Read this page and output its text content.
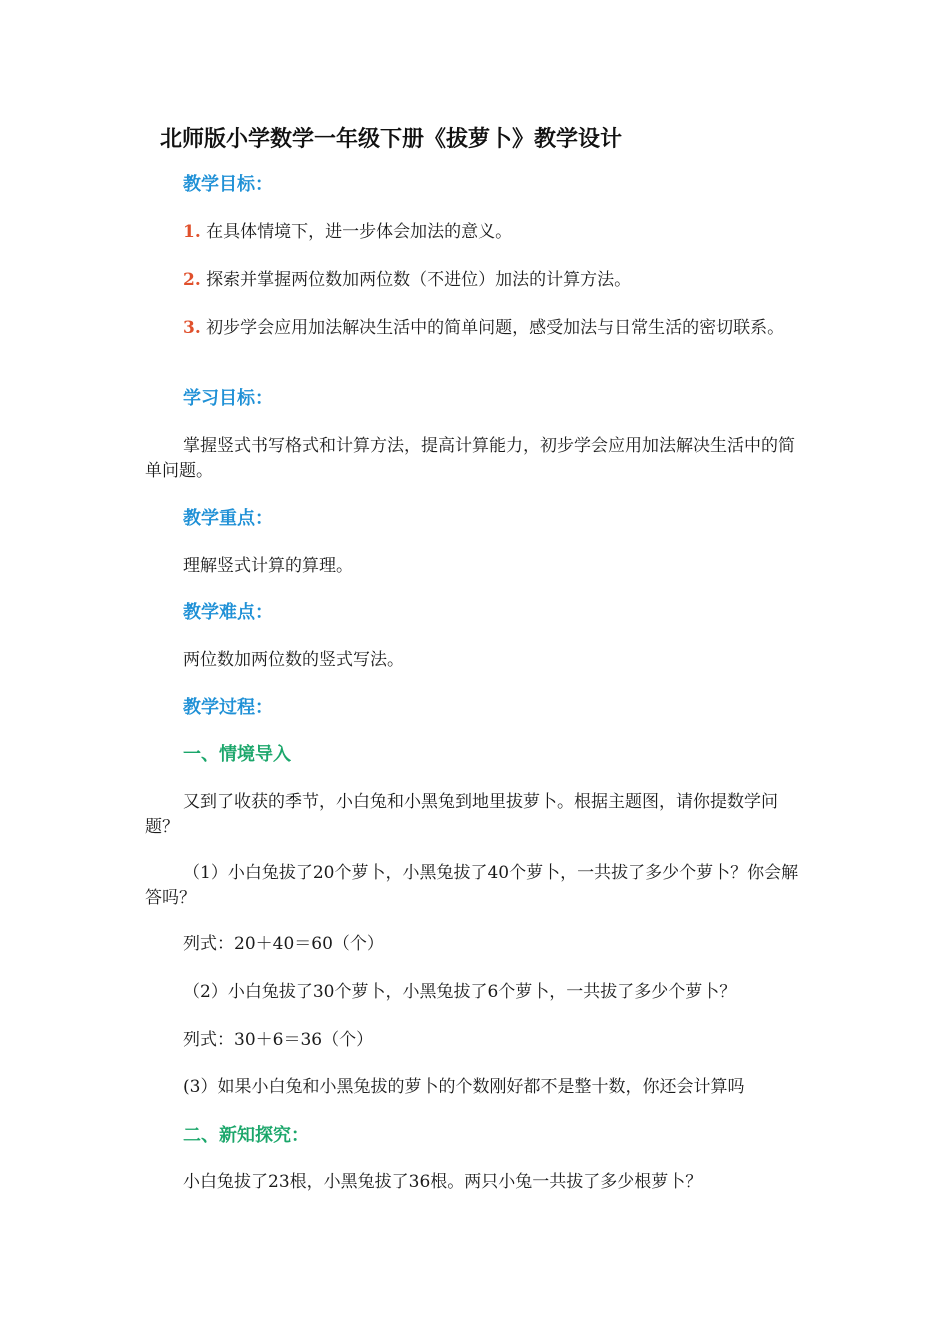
北师版小学数学一年级下册《拔萝卜》教学设计
教学目标：
1. 在具体情境下，进一步体会加法的意义。
2. 探索并掌握两位数加两位数（不进位）加法的计算方法。
3. 初步学会应用加法解决生活中的简单问题，感受加法与日常生活的密切联系。
学习目标：
掌握竖式书写格式和计算方法，提高计算能力，初步学会应用加法解决生活中的简单问题。
教学重点：
理解竖式计算的算理。
教学难点：
两位数加两位数的竖式写法。
教学过程：
一、情境导入
又到了收获的季节，小白兔和小黑兔到地里拔萝卜。根据主题图，请你提数学问题？
（1）小白兔拔了20个萝卜，小黑兔拔了40个萝卜，一共拔了多少个萝卜？你会解答吗？
列式：20＋40＝60（个）
（2）小白兔拔了30个萝卜，小黑兔拔了6个萝卜，一共拔了多少个萝卜？
列式：30＋6＝36（个）
(3）如果小白兔和小黑兔拔的萝卜的个数刚好都不是整十数，你还会计算吗
二、新知探究：
小白兔拔了23根，小黑兔拔了36根。两只小兔一共拔了多少根萝卜？
